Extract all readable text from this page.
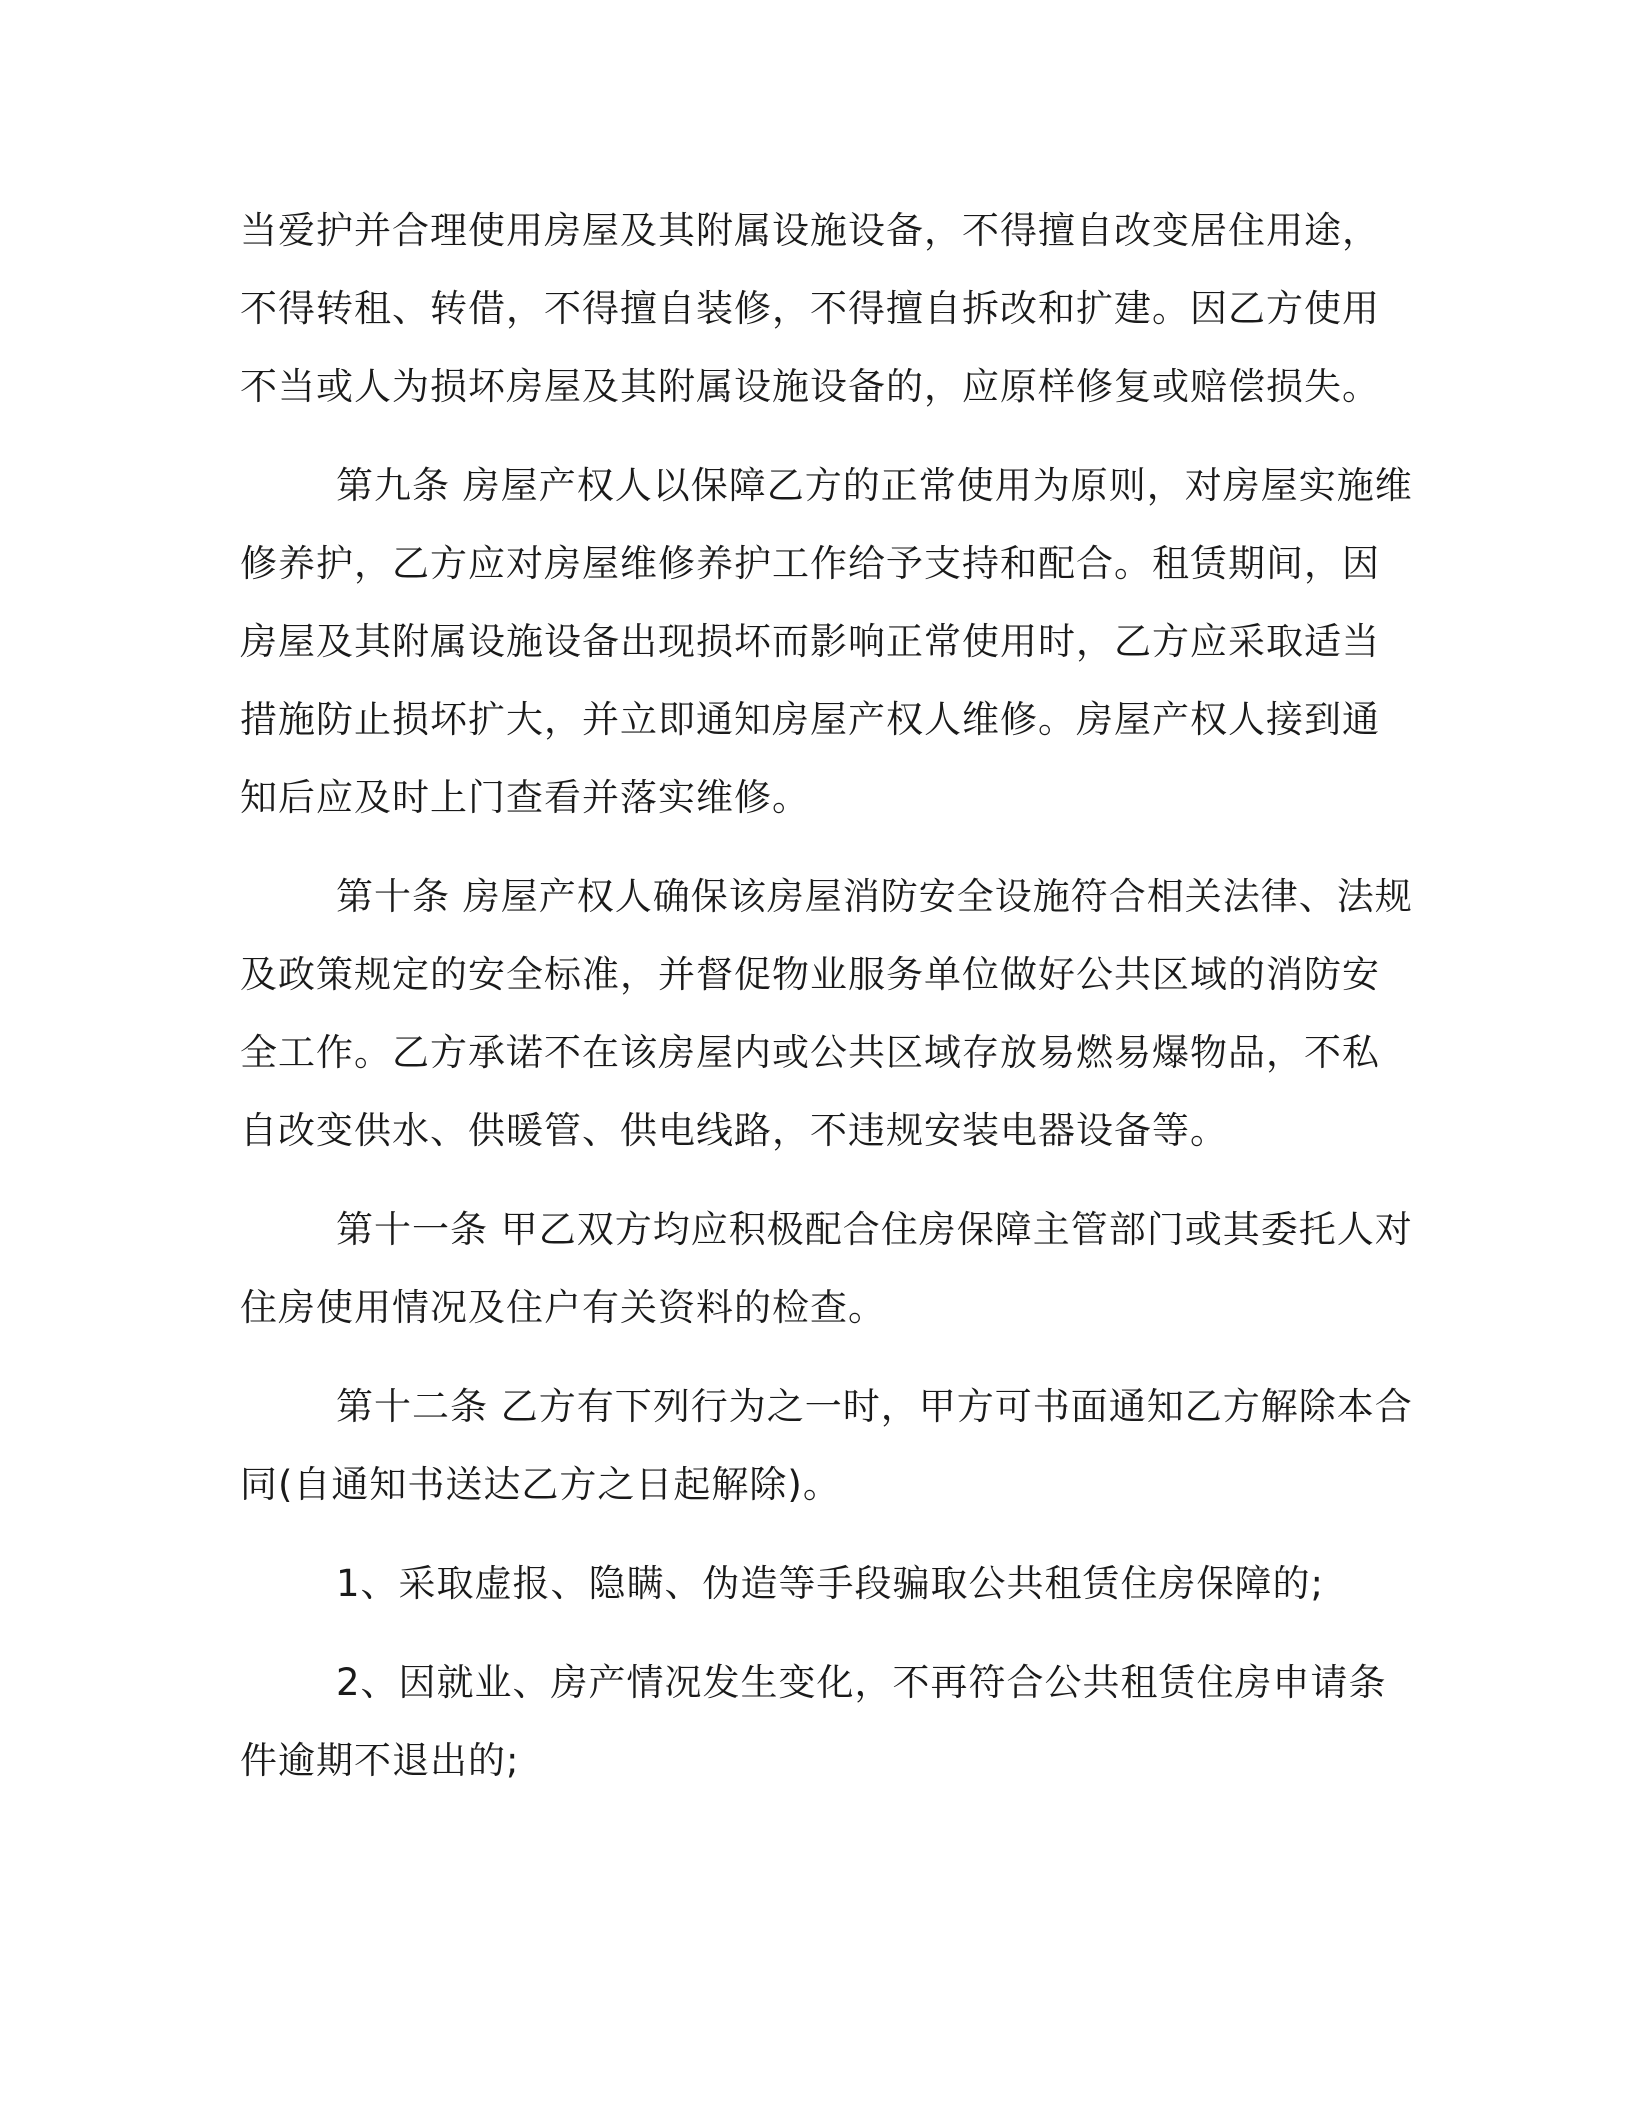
当爱护并合理使用房屋及其附属设施设备，不得擅自改变居住用途，
不得转租、转借，不得擅自装修，不得擅自拆改和扩建。因乙方使用
不当或人为损坏房屋及其附属设施设备的，应原样修复或赔偿损失。

第九条 房屋产权人以保障乙方的正常使用为原则，对房屋实施维
修养护，乙方应对房屋维修养护工作给予支持和配合。租赁期间，因
房屋及其附属设施设备出现损坏而影响正常使用时，乙方应采取适当
措施防止损坏扩大，并立即通知房屋产权人维修。房屋产权人接到通
知后应及时上门查看并落实维修。

第十条 房屋产权人确保该房屋消防安全设施符合相关法律、法规
及政策规定的安全标准，并督促物业服务单位做好公共区域的消防安
全工作。乙方承诺不在该房屋内或公共区域存放易燃易爆物品，不私
自改变供水、供暖管、供电线路，不违规安装电器设备等。

第十一条 甲乙双方均应积极配合住房保障主管部门或其委托人对
住房使用情况及住户有关资料的检查。

第十二条 乙方有下列行为之一时，甲方可书面通知乙方解除本合
同(自通知书送达乙方之日起解除)。

1、采取虚报、隐瞒、伪造等手段骗取公共租赁住房保障的;

2、因就业、房产情况发生变化，不再符合公共租赁住房申请条
件逾期不退出的;
